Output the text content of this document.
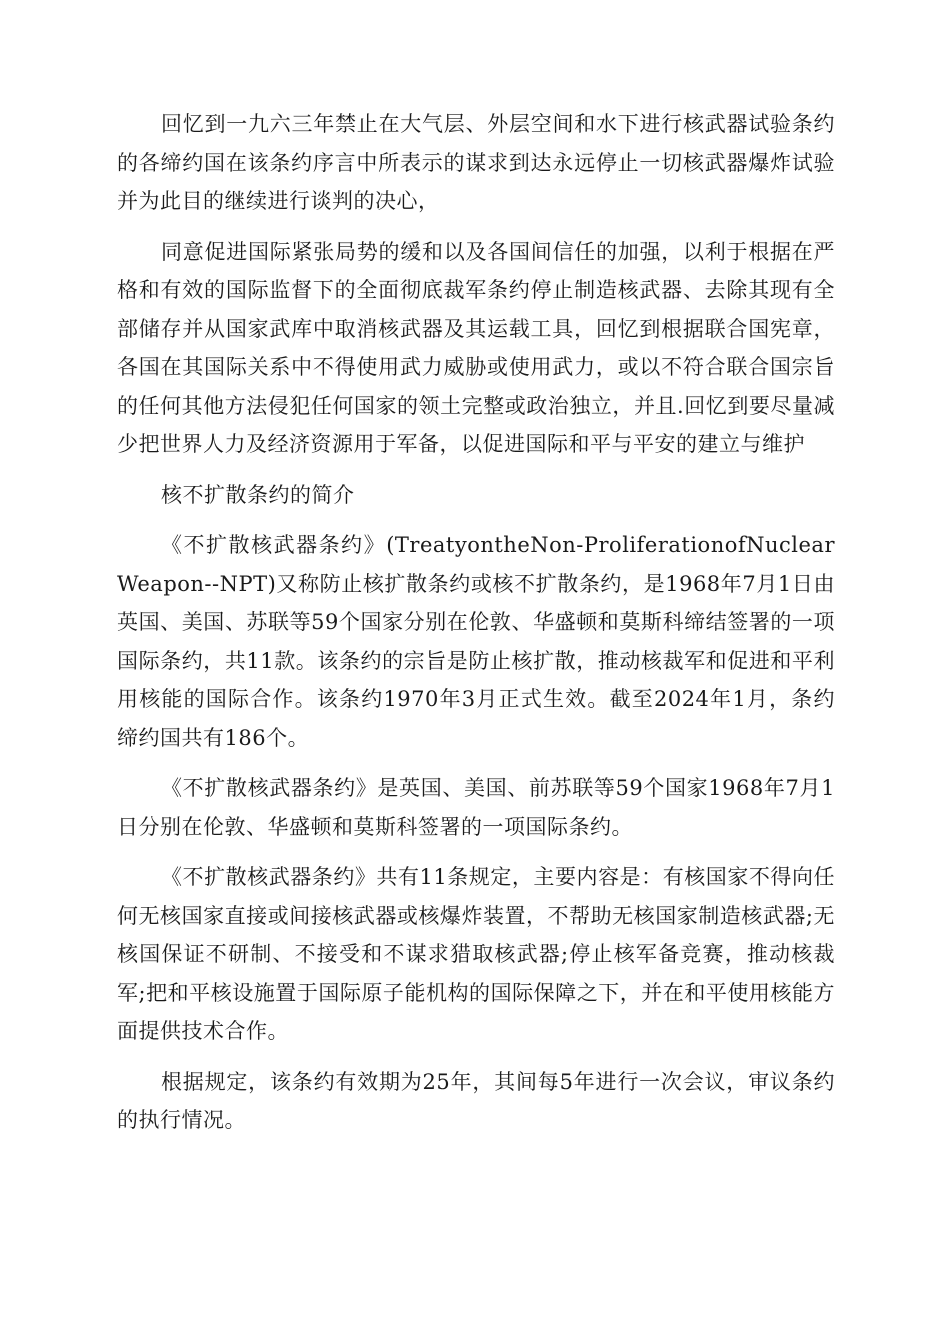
回忆到一九六三年禁止在大气层、外层空间和水下进行核武器试验条约的各缔约国在该条约序言中所表示的谋求到达永远停止一切核武器爆炸试验并为此目的继续进行谈判的决心，

同意促进国际紧张局势的缓和以及各国间信任的加强，以利于根据在严格和有效的国际监督下的全面彻底裁军条约停止制造核武器、去除其现有全部储存并从国家武库中取消核武器及其运载工具，回忆到根据联合国宪章，各国在其国际关系中不得使用武力威胁或使用武力，或以不符合联合国宗旨的任何其他方法侵犯任何国家的领土完整或政治独立，并且.回忆到要尽量减少把世界人力及经济资源用于军备，以促进国际和平与平安的建立与维护

核不扩散条约的简介

《不扩散核武器条约》(TreatyontheNon-ProliferationofNuclearWeapon--NPT)又称防止核扩散条约或核不扩散条约，是1968年7月1日由英国、美国、苏联等59个国家分别在伦敦、华盛顿和莫斯科缔结签署的一项国际条约，共11款。该条约的宗旨是防止核扩散，推动核裁军和促进和平利用核能的国际合作。该条约1970年3月正式生效。截至2024年1月，条约缔约国共有186个。

《不扩散核武器条约》是英国、美国、前苏联等59个国家1968年7月1日分别在伦敦、华盛顿和莫斯科签署的一项国际条约。

《不扩散核武器条约》共有11条规定，主要内容是：有核国家不得向任何无核国家直接或间接核武器或核爆炸装置，不帮助无核国家制造核武器;无核国保证不研制、不接受和不谋求猎取核武器;停止核军备竞赛，推动核裁军;把和平核设施置于国际原子能机构的国际保障之下，并在和平使用核能方面提供技术合作。

根据规定，该条约有效期为25年，其间每5年进行一次会议，审议条约的执行情况。
